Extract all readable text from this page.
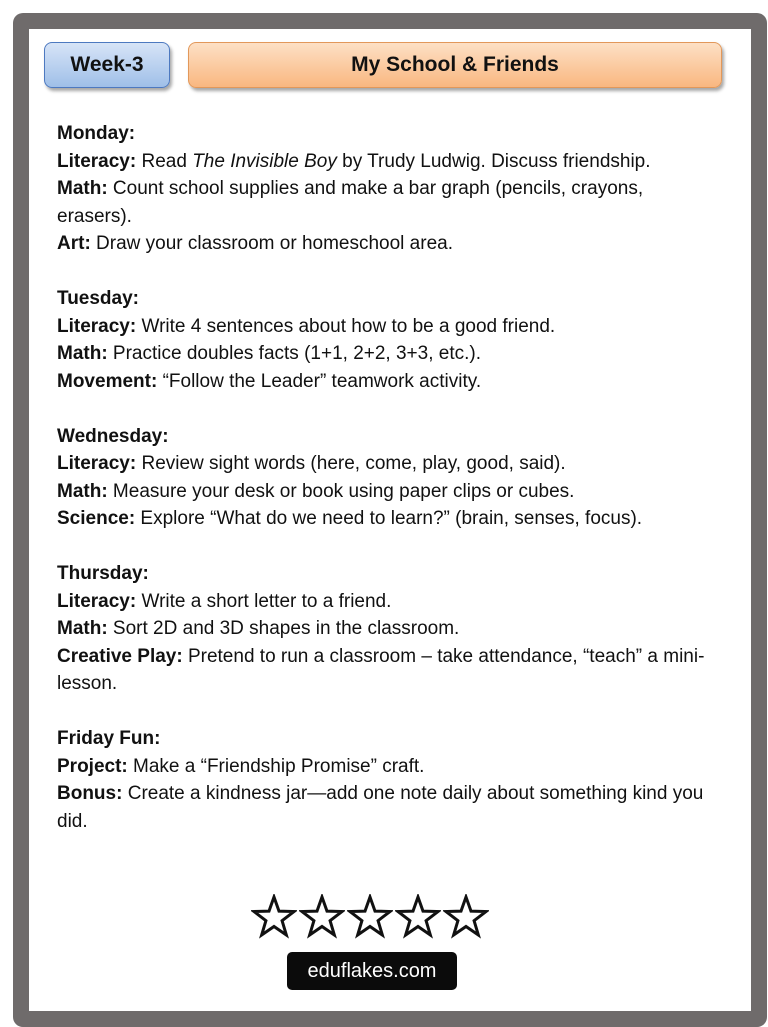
Week-3	My School & Friends
Monday:
Literacy: Read The Invisible Boy by Trudy Ludwig. Discuss friendship.
Math: Count school supplies and make a bar graph (pencils, crayons, erasers).
Art: Draw your classroom or homeschool area.
Tuesday:
Literacy: Write 4 sentences about how to be a good friend.
Math: Practice doubles facts (1+1, 2+2, 3+3, etc.).
Movement: “Follow the Leader” teamwork activity.
Wednesday:
Literacy: Review sight words (here, come, play, good, said).
Math: Measure your desk or book using paper clips or cubes.
Science: Explore “What do we need to learn?” (brain, senses, focus).
Thursday:
Literacy: Write a short letter to a friend.
Math: Sort 2D and 3D shapes in the classroom.
Creative Play: Pretend to run a classroom – take attendance, “teach” a mini-lesson.
Friday Fun:
Project: Make a “Friendship Promise” craft.
Bonus: Create a kindness jar—add one note daily about something kind you did.
eduflakes.com
